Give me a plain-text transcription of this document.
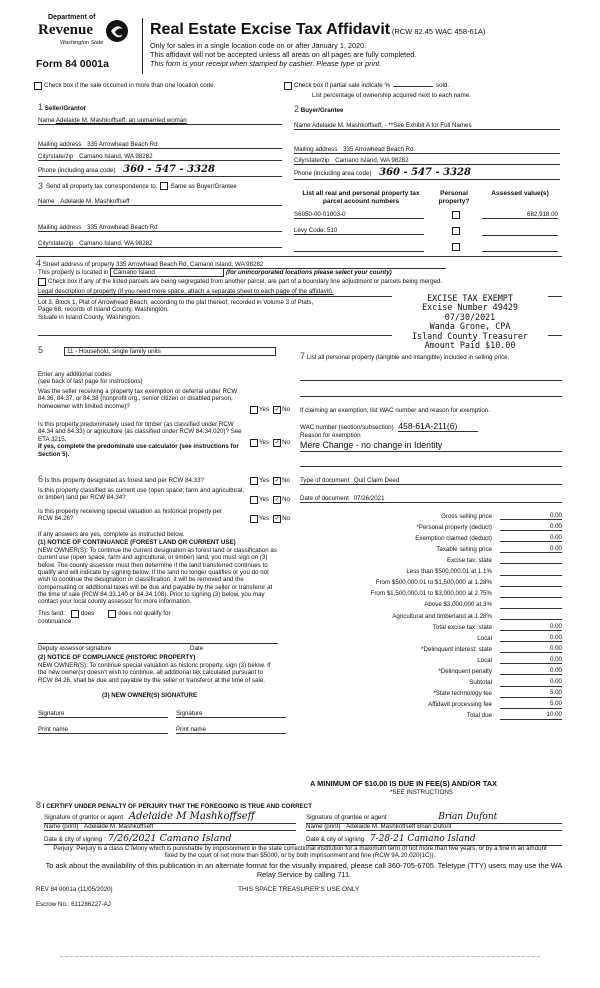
Department of
Revenue
Washington State
Form 84 0001a
Real Estate Excise Tax Affidavit (RCW 82.45 WAC 458-61A)
Only for sales in a single location code on or after January 1, 2020.
This affidavit will not be accepted unless all areas on all pages are fully completed.
This form is your receipt when stamped by cashier. Please type or print.
Check box if the sale occurred in more than one location code.	Check box if partial sale indicate %	sold.
List percentage of ownership acquired next to each name.
1 Seller/Grantor
Name Adelaide M. Mashkoffseff, an unmarried woman
Mailing address 335 Arrowhead Beach Rd
City/state/zip Camano Island, WA 98282
Phone (including area code) 360 - 547 - 3328
2 Buyer/Grantee
Name Adelaide M. Mashkoffseff, - **See Exhibit A for Full Names
Mailing address 335 Arrowhead Beach Rd
City/state/zip Camano Island, WA 98282
Phone (including area code) 360 - 547 - 3328
3 Send all property tax correspondence to: Same as Buyer/Grantee
Name Adelaide M. Mashkoffseff
Mailing address 335 Arrowhead Beach Rd
City/state/zip Camano Island, WA 98282
List all real and personal property tax parcel account numbers
Personal property?
Assessed value(s)
S6050-00-01003-0	682,918.00
Levy Code: 510
4 Street address of property 335 Arrowhead Beach Rd, Camano Island, WA 98282
This property is located in Camano Island	(for unincorporated locations please select your county)
Check box if any of the listed parcels are being segregated from another parcel, are part of a boundary line adjustment or parcels being merged.
Legal description of property (if you need more space, attach a separate sheet to each page of the affidavit).
Lot 3, Block 1, Plat of Arrowhead Beach, according to the plat thereof, recorded in Volume 3 of Plats,
Page 68, records of Island County, Washington.
Situate in Island County, Washington.
EXCISE TAX EXEMPT
Excise Number 49429
07/30/2021
Wanda Grone, CPA
Island County Treasurer
Amount Paid $10.00
5	11 - Household, single family units
Enter any additional codes
(see back of last page for instructions)
Was the seller receiving a property tax exemption or deferral under RCW 84.36, 84.37, or 84.38 (nonprofit org., senior citizen or disabled person, homeowner with limited income)?	Yes ✓ No
Is this property predominately used for timber (as classified under RCW 84.34 and 84.33) or agriculture (as classified under RCW 84.34.020)? See ETA 3215.
If yes, complete the predominate use calculator (see instructions for Section 5).
Yes ✓ No
6 Is this property designated as forest land per RCW 84.33?	Yes ✓ No
Is this property classified as current use (open space, farm and agricultural, or timber) land per RCW 84.34?	Yes ✓ No
Is this property receiving special valuation as historical property per RCW 84.26?	Yes ✓ No
If any answers are yes, complete as instructed below.
(1) NOTICE OF CONTINUANCE (FOREST LAND OR CURRENT USE)
NEW OWNER(S): To continue the current designation as forest land or classification as current use (open space, farm and agricultural, or timber) land, you must sign on (3) below. The county assessor must then determine if the land transferred continues to qualify and will indicate by signing below. If the land no longer qualifies or you do not wish to continue the designation or classification, it will be removed and the compensating or additional taxes will be due and payable by the seller or transferor at the time of sale (RCW 84.33.140 or 84.34.108). Prior to signing (3) below, you may contact your local county assessor for more information.
This land:	does	does not qualify for
continuance.
Deputy assessor signature	Date
(2) NOTICE OF COMPLIANCE (HISTORIC PROPERTY)
NEW OWNER(S): To continue special valuation as historic property, sign (3) below. If the new owner(s) doesn't wish to continue, all additional tax calculated pursuant to RCW 84.26, shall be due and payable by the seller or transferor at the time of sale.
(3) NEW OWNER(S) SIGNATURE
Signature	Signature
Print name	Print name
7 List all personal property (tangible and intangible) included in selling price.
If claiming an exemption, list WAC number and reason for exemption.
WAC number (section/subsection) 458-61A-211(6)
Reason for exemption
Mere Change - no change in Identity
Type of document Quit Claim Deed
Date of document 07/26/2021
Gross selling price	0.00
*Personal property (deduct)	0.00
Exemption claimed (deduct)	0.00
Taxable selling price	0.00
Excise tax: state
Less than $500,000.01 at 1.1%
From $500,000.01 to $1,500,000 at 1.28%
From $1,500,000.01 to $3,000,000 at 2.75%
Above $3,000,000 at 3%
Agricultural and timberland at 1.28%
Total excise tax: state	0.00
Local	0.00
*Delinquent interest: state	0.00
Local	0.00
*Delinquent penalty	0.00
Subtotal	0.00
*State technology fee	5.00
Affidavit processing fee	5.00
Total due	10.00
A MINIMUM OF $10.00 IS DUE IN FEE(S) AND/OR TAX
*SEE INSTRUCTIONS
8 I CERTIFY UNDER PENALTY OF PERJURY THAT THE FOREGOING IS TRUE AND CORRECT
Signature of grantor or agent Adelaide M Mashkoffseff
Name (print) Adelaide M. Mashkoffseff
Date & city of signing 7/26/2021 Camano Island
Signature of grantee or agent	Brian Dufont
Name (print) Adelaide M. Mashkoffseff Brian Dufont
Date & city of signing 7-28-21 Camano Island
Perjury: Perjury is a class C felony which is punishable by imprisonment in the state correctional institution for a maximum term of not more than five years, or by a fine in an amount fixed by the court of not more than $5000, or by both imprisonment and fine (RCW 9A.20.020(1C)).
To ask about the availability of this publication in an alternate format for the visually impaired, please call 360-705-6705. Teletype (TTY) users may use the WA Relay Service by calling 711.
REV 84 0001a (11/05/2020)	THIS SPACE TREASURER'S USE ONLY
Escrow No.: 611286227-AJ
